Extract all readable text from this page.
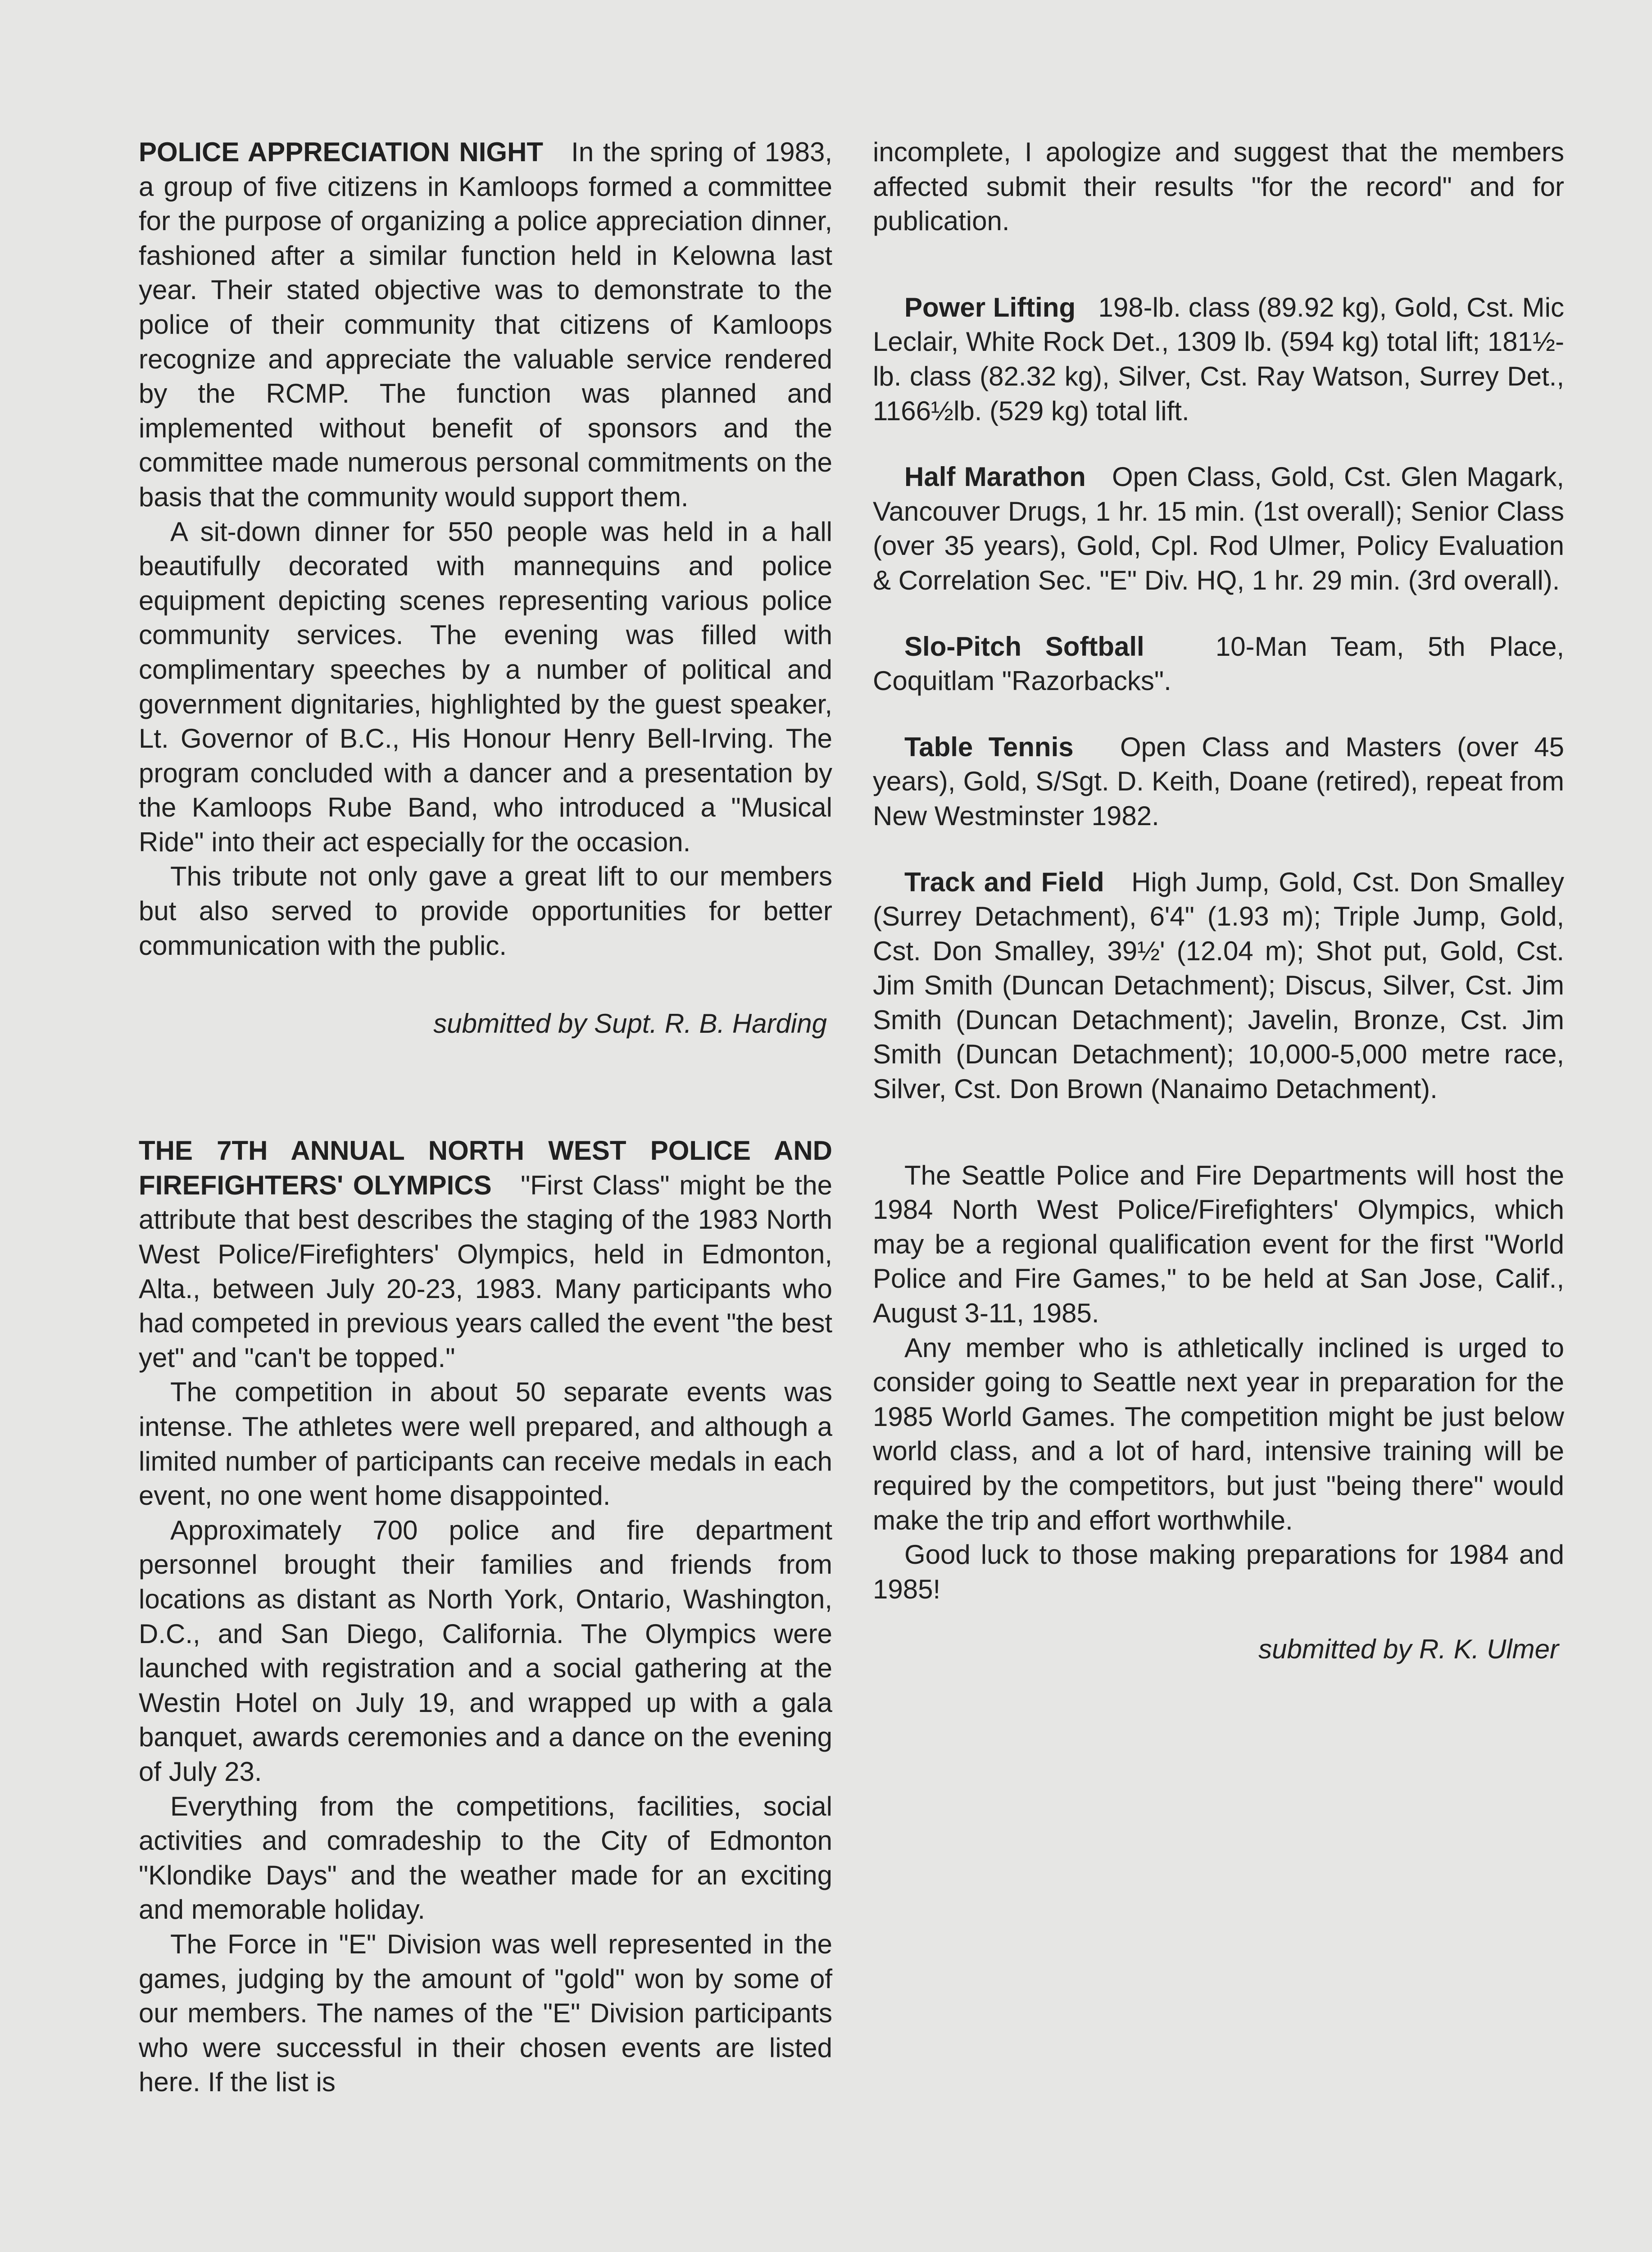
POLICE APPRECIATION NIGHT In the spring of 1983, a group of five citizens in Kamloops formed a committee for the purpose of organizing a police appreciation dinner, fashioned after a similar function held in Kelowna last year. Their stated objective was to demonstrate to the police of their community that citizens of Kamloops recognize and appreciate the valuable service rendered by the RCMP. The function was planned and implemented without benefit of sponsors and the committee made numerous personal commitments on the basis that the community would support them.

A sit-down dinner for 550 people was held in a hall beautifully decorated with mannequins and police equipment depicting scenes representing various police community services. The evening was filled with complimentary speeches by a number of political and government dignitaries, highlighted by the guest speaker, Lt. Governor of B.C., His Honour Henry Bell-Irving. The program concluded with a dancer and a presentation by the Kamloops Rube Band, who introduced a "Musical Ride" into their act especially for the occasion.

This tribute not only gave a great lift to our members but also served to provide opportunities for better communication with the public.

submitted by Supt. R. B. Harding

THE 7TH ANNUAL NORTH WEST POLICE AND FIREFIGHTERS' OLYMPICS "First Class" might be the attribute that best describes the staging of the 1983 North West Police/Firefighters' Olympics, held in Edmonton, Alta., between July 20-23, 1983. Many participants who had competed in previous years called the event "the best yet" and "can't be topped."

The competition in about 50 separate events was intense. The athletes were well prepared, and although a limited number of participants can receive medals in each event, no one went home disappointed.

Approximately 700 police and fire department personnel brought their families and friends from locations as distant as North York, Ontario, Washington, D.C., and San Diego, California. The Olympics were launched with registration and a social gathering at the Westin Hotel on July 19, and wrapped up with a gala banquet, awards ceremonies and a dance on the evening of July 23.

Everything from the competitions, facilities, social activities and comradeship to the City of Edmonton "Klondike Days" and the weather made for an exciting and memorable holiday.

The Force in "E" Division was well represented in the games, judging by the amount of "gold" won by some of our members. The names of the "E" Division participants who were successful in their chosen events are listed here. If the list is

incomplete, I apologize and suggest that the members affected submit their results "for the record" and for publication.

Power Lifting 198-lb. class (89.92 kg), Gold, Cst. Mic Leclair, White Rock Det., 1309 lb. (594 kg) total lift; 181½-lb. class (82.32 kg), Silver, Cst. Ray Watson, Surrey Det., 1166½lb. (529 kg) total lift.

Half Marathon Open Class, Gold, Cst. Glen Magark, Vancouver Drugs, 1 hr. 15 min. (1st overall); Senior Class (over 35 years), Gold, Cpl. Rod Ulmer, Policy Evaluation & Correlation Sec. "E" Div. HQ, 1 hr. 29 min. (3rd overall).

Slo-Pitch Softball	10-Man Team, 5th Place, Coquitlam "Razorbacks".

Table Tennis Open Class and Masters (over 45 years), Gold, S/Sgt. D. Keith, Doane (retired), repeat from New Westminster 1982.

Track and Field High Jump, Gold, Cst. Don Smalley (Surrey Detachment), 6'4" (1.93 m); Triple Jump, Gold, Cst. Don Smalley, 39½' (12.04 m); Shot put, Gold, Cst. Jim Smith (Duncan Detachment); Discus, Silver, Cst. Jim Smith (Duncan Detachment); Javelin, Bronze, Cst. Jim Smith (Duncan Detachment); 10,000-5,000 metre race, Silver, Cst. Don Brown (Nanaimo Detachment).

The Seattle Police and Fire Departments will host the 1984 North West Police/Firefighters' Olympics, which may be a regional qualification event for the first "World Police and Fire Games," to be held at San Jose, Calif., August 3-11, 1985.

Any member who is athletically inclined is urged to consider going to Seattle next year in preparation for the 1985 World Games. The competition might be just below world class, and a lot of hard, intensive training will be required by the competitors, but just "being there" would make the trip and effort worthwhile.

Good luck to those making preparations for 1984 and 1985!

submitted by R. K. Ulmer
